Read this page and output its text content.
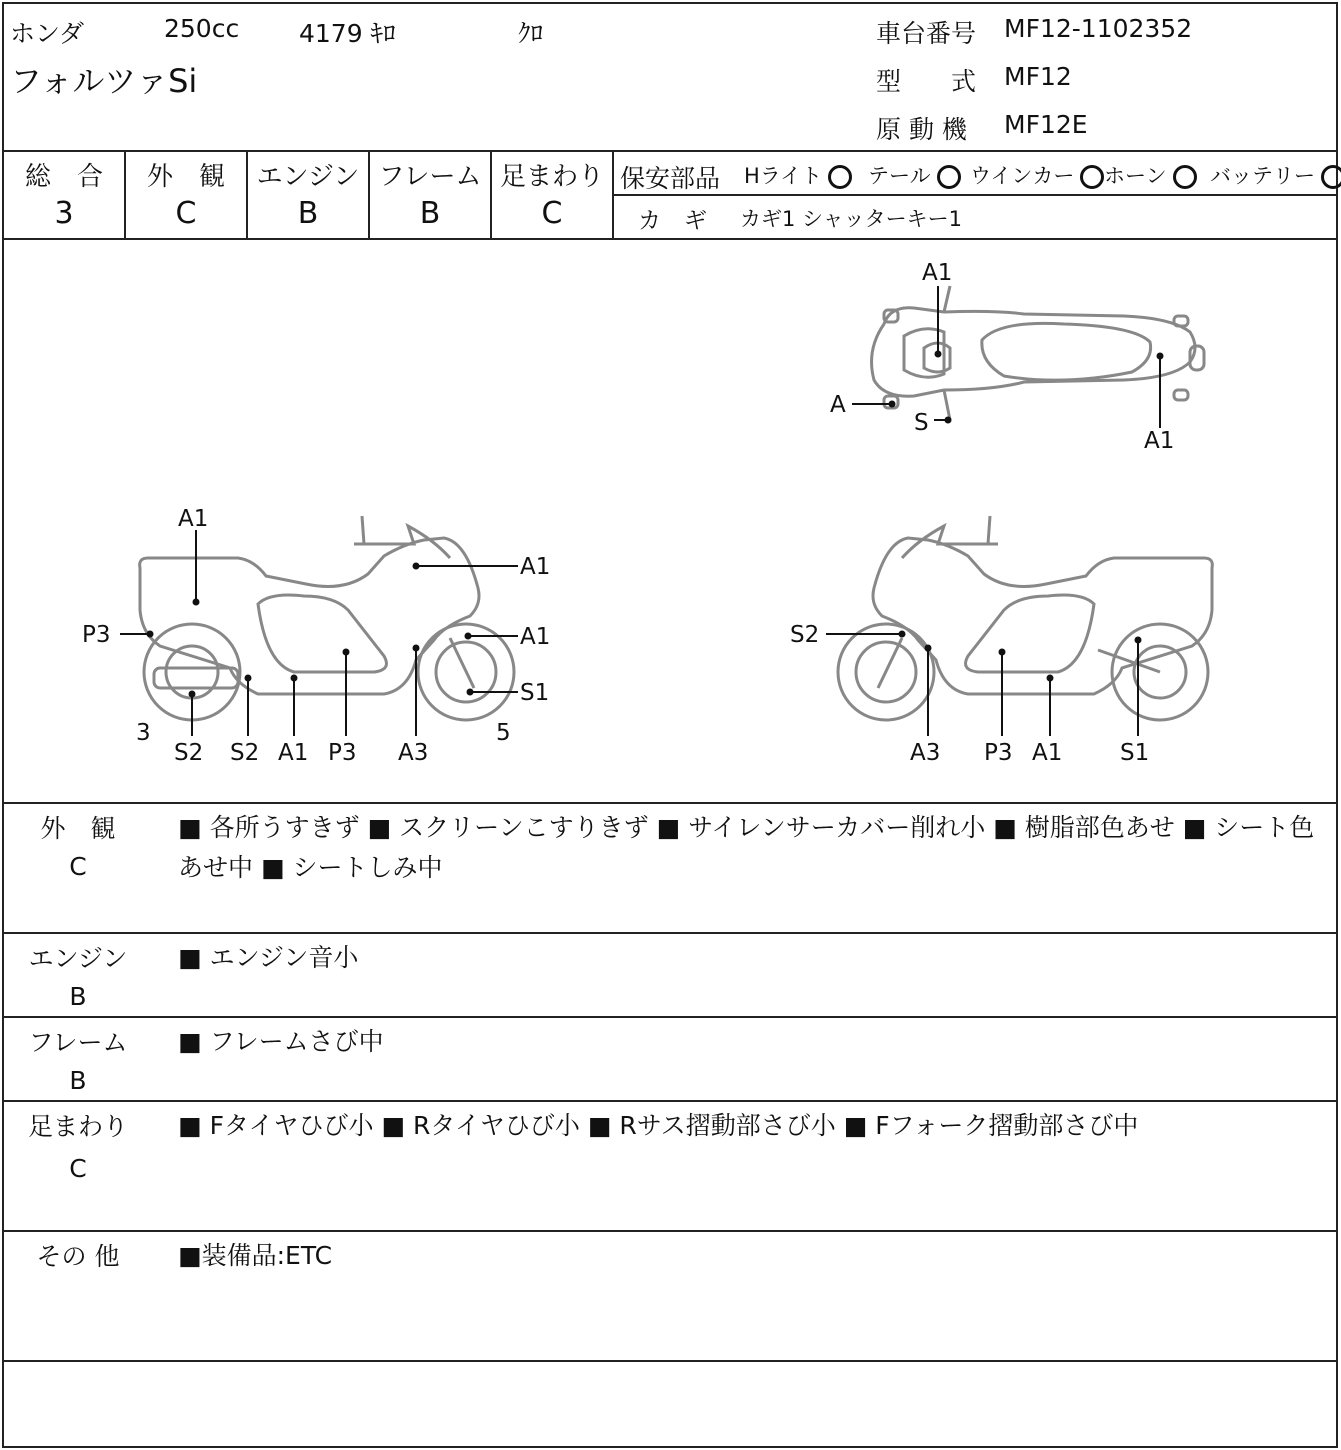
ホンダ	250cc 4179 ｷﾛ	ｸﾛ
フォルツァSi
車台番号 MF12-1102352
型　　式 MF12
原 動 機 MF12E
総　合
3
外　観
C
エンジン
B
フレーム
B
足まわり
C
保安部品 Hライト	テール	ウインカー	ホーン	バッテリー
カ　ギ カギ1 シャッターキー1
A1
A
S
A1
A1
P3
A1
A1
S1
3
S2 S2 A1 P3 A3
5
S2
A3 P3 A1	S1
外　観
C
■ 各所うすきず ■ スクリーンこすりきず ■ サイレンサーカバー削れ小 ■ 樹脂部色あせ ■ シート色あせ中 ■ シートしみ中
エンジン
B
■ エンジン音小
フレーム
B
■ フレームさび中
足まわり
C
■ Fタイヤひび小 ■ Rタイヤひび小 ■ Rサス摺動部さび小 ■ Fフォーク摺動部さび中
その 他	■装備品:ETC
